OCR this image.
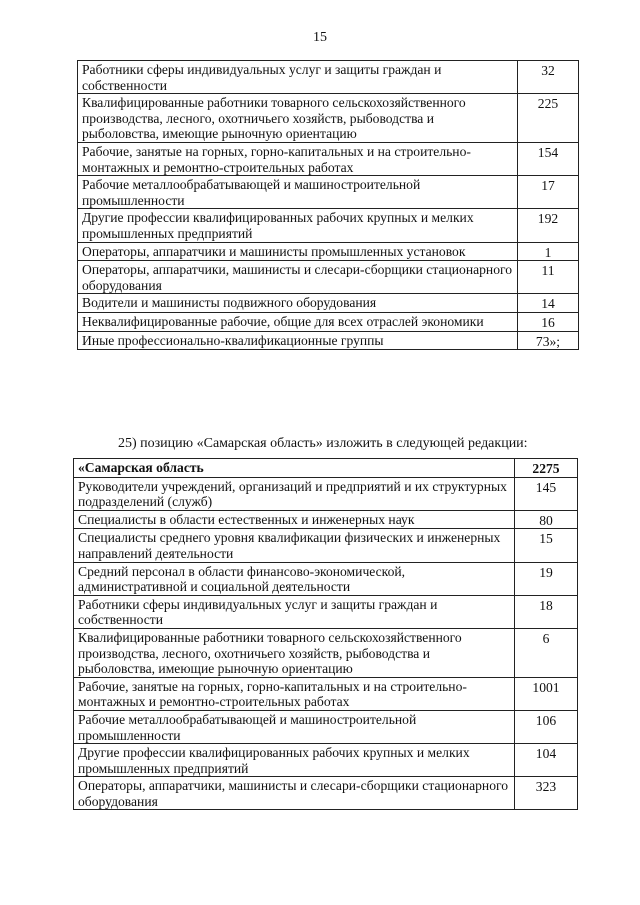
15
Работники сферы индивидуальных услуг и защиты граждан и собственности	32
Квалифицированные работники товарного сельскохозяйственного производства, лесного, охотничьего хозяйств, рыбоводства и рыболовства, имеющие рыночную ориентацию	225
Рабочие, занятые на горных, горно-капитальных и на строительно-монтажных и ремонтно-строительных работах	154
Рабочие металлообрабатывающей и машиностроительной промышленности	17
Другие профессии квалифицированных рабочих крупных и мелких промышленных предприятий	192
Операторы, аппаратчики и машинисты промышленных установок	1
Операторы, аппаратчики, машинисты и слесари-сборщики стационарного оборудования	11
Водители и машинисты подвижного оборудования	14
Неквалифицированные рабочие, общие для всех отраслей экономики	16
Иные профессионально-квалификационные группы	73»;
25) позицию «Самарская область» изложить в следующей редакции:
«Самарская область	2275
Руководители учреждений, организаций и предприятий и их структурных подразделений (служб)	145
Специалисты в области естественных и инженерных наук	80
Специалисты среднего уровня квалификации физических и инженерных направлений деятельности	15
Средний персонал в области финансово-экономической, административной и социальной деятельности	19
Работники сферы индивидуальных услуг и защиты граждан и собственности	18
Квалифицированные работники товарного сельскохозяйственного производства, лесного, охотничьего хозяйств, рыбоводства и рыболовства, имеющие рыночную ориентацию	6
Рабочие, занятые на горных, горно-капитальных и на строительно-монтажных и ремонтно-строительных работах	1001
Рабочие металлообрабатывающей и машиностроительной промышленности	106
Другие профессии квалифицированных рабочих крупных и мелких промышленных предприятий	104
Операторы, аппаратчики, машинисты и слесари-сборщики стационарного оборудования	323
